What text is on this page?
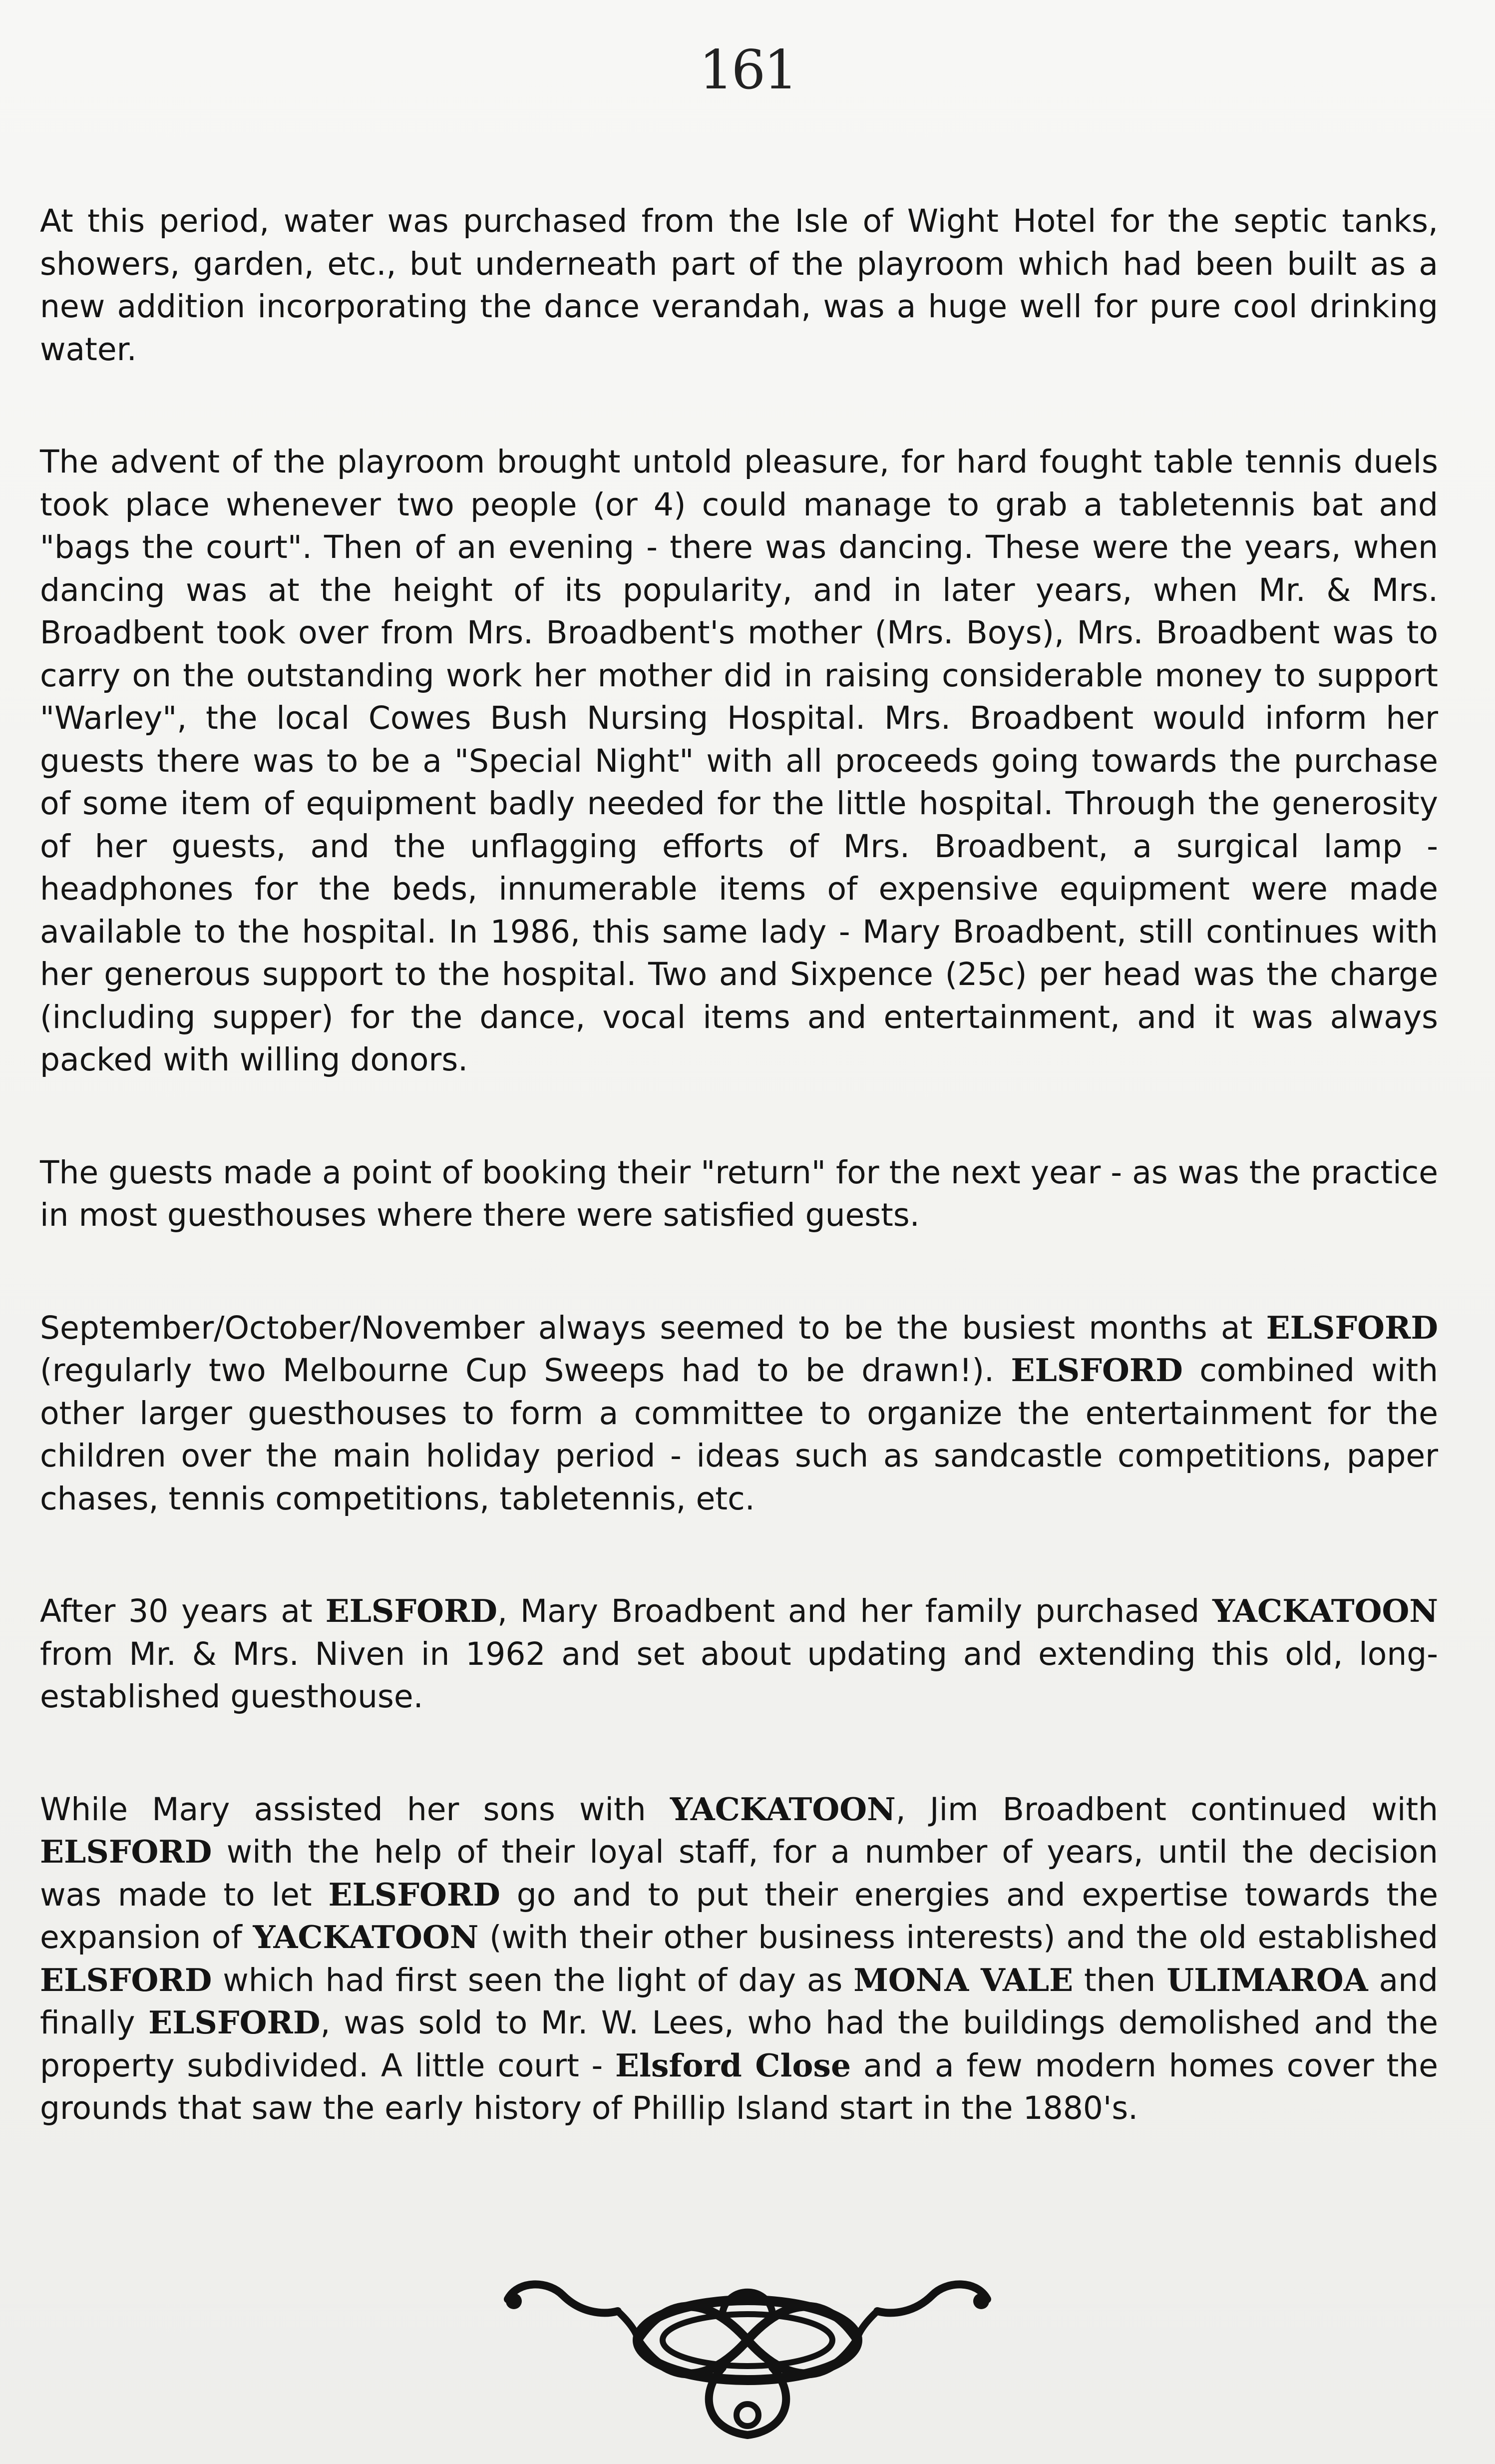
161

At this period, water was purchased from the Isle of Wight Hotel for the septic tanks, showers, garden, etc., but underneath part of the playroom which had been built as a new addition incorporating the dance verandah, was a huge well for pure cool drinking water.

The advent of the playroom brought untold pleasure, for hard fought table tennis duels took place whenever two people (or 4) could manage to grab a tabletennis bat and "bags the court". Then of an evening - there was dancing. These were the years, when dancing was at the height of its popularity, and in later years, when Mr. & Mrs. Broadbent took over from Mrs. Broadbent's mother (Mrs. Boys), Mrs. Broadbent was to carry on the outstanding work her mother did in raising considerable money to support "Warley", the local Cowes Bush Nursing Hospital. Mrs. Broadbent would inform her guests there was to be a "Special Night" with all proceeds going towards the purchase of some item of equipment badly needed for the little hospital. Through the generosity of her guests, and the unflagging efforts of Mrs. Broadbent, a surgical lamp - headphones for the beds, innumerable items of expensive equipment were made available to the hospital. In 1986, this same lady - Mary Broadbent, still continues with her generous support to the hospital. Two and Sixpence (25c) per head was the charge (including supper) for the dance, vocal items and entertainment, and it was always packed with willing donors.

The guests made a point of booking their "return" for the next year - as was the practice in most guesthouses where there were satisfied guests.

September/October/November always seemed to be the busiest months at ELSFORD (regularly two Melbourne Cup Sweeps had to be drawn!). ELSFORD combined with other larger guesthouses to form a committee to organize the entertainment for the children over the main holiday period - ideas such as sandcastle competitions, paper chases, tennis competitions, tabletennis, etc.

After 30 years at ELSFORD, Mary Broadbent and her family purchased YACKATOON from Mr. & Mrs. Niven in 1962 and set about updating and extending this old, long-established guesthouse.

While Mary assisted her sons with YACKATOON, Jim Broadbent continued with ELSFORD with the help of their loyal staff, for a number of years, until the decision was made to let ELSFORD go and to put their energies and expertise towards the expansion of YACKATOON (with their other business interests) and the old established ELSFORD which had first seen the light of day as MONA VALE then ULIMAROA and finally ELSFORD, was sold to Mr. W. Lees, who had the buildings demolished and the property subdivided. A little court - Elsford Close and a few modern homes cover the grounds that saw the early history of Phillip Island start in the 1880's.
